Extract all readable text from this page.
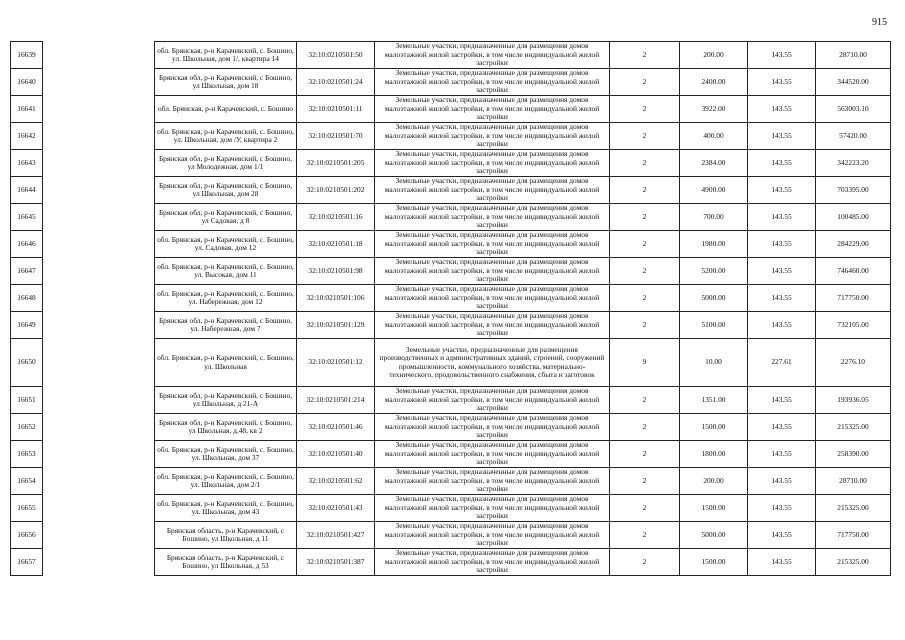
915
16639		обл. Брянская, р-н Карачевский, с. Бошино, ул. Школьная, дом 1/, квартира 14	32:10:0210501:50	Земельные участки, предназначенные для размещения домов малоэтажной жилой застройки, в том числе индивидуальной жилой застройки	2	200.00	143.55	28710.00
16640		Брянская обл, р-н Карачевский, с Бошино, ул Школьная, дом 18	32:10:0210501:24	Земельные участки, предназначенные для размещения домов малоэтажной жилой застройки, в том числе индивидуальной жилой застройки	2	2400.00	143.55	344520.00
16641		обл. Брянская, р-н Карачевский, с. Бошино	32:10:0210501:11	Земельные участки, предназначенные для размещения домов малоэтажной жилой застройки, в том числе индивидуальной жилой застройки	2	3922.00	143.55	563003.10
16642		обл. Брянская, р-н Карачевский, с. Бошино, ул. Школьная, дом /У, квартира 2	32:10:0210501:70	Земельные участки, предназначенные для размещения домов малоэтажной жилой застройки, в том числе индивидуальной жилой застройки	2	400.00	143.55	57420.00
16643		Брянская обл, р-н Карачевский, с Бошино, ул Молодежная, дом 1/1	32:10:0210501:205	Земельные участки, предназначенные для размещения домов малоэтажной жилой застройки, в том числе индивидуальной жилой застройки	2	2384.00	143.55	342223.20
16644		Брянская обл, р-н Карачевский, с Бошино, ул Школьная, дом 28	32:10:0210501:202	Земельные участки, предназначенные для размещения домов малоэтажной жилой застройки, в том числе индивидуальной жилой застройки	2	4900.00	143.55	703395.00
16645		Брянская обл, р-н Карачевский, с Бошино, ул Садовая, д 8	32:10:0210501:16	Земельные участки, предназначенные для размещения домов малоэтажной жилой застройки, в том числе индивидуальной жилой застройки	2	700.00	143.55	100485.00
16646		обл. Брянская, р-н Карачевский, с. Бошино, ул. Садовая, дом 12	32:10:0210501:18	Земельные участки, предназначенные для размещения домов малоэтажной жилой застройки, в том числе индивидуальной жилой застройки	2	1980.00	143.55	284229.00
16647		обл. Брянская, р-н Карачевский, с. Бошино, ул. Высокая, дом 11	32:10:0210501:98	Земельные участки, предназначенные для размещения домов малоэтажной жилой застройки, в том числе индивидуальной жилой застройки	2	5200.00	143.55	746460.00
16648		обл. Брянская, р-н Карачевский, с. Бошино, ул. Набережная, дом 12	32:10:0210501:106	Земельные участки, предназначенные для размещения домов малоэтажной жилой застройки, в том числе индивидуальной жилой застройки	2	5000.00	143.55	717750.00
16649		Брянская обл, р-н Карачевский, с Бошино, ул. Набережная, дом 7	32:10:0210501:129	Земельные участки, предназначенные для размещения домов малоэтажной жилой застройки, в том числе индивидуальной жилой застройки	2	5100.00	143.55	732105.00
16650		обл. Брянская, р-н Карачевский, с. Бошино, ул. Школьная	32:10:0210501:12	Земельные участки, предназначенные для размещения производственных и административных зданий, строений, сооружений промышленности, коммунального хозяйства, материально-технического, продовольственного снабжения, сбыта и заготовок	9	10.00	227.61	2276.10
16651		Брянская обл, р-н Карачевский, с Бошино, ул Школьная, д 21-А	32:10:0210501:214	Земельные участки, предназначенные для размещения домов малоэтажной жилой застройки, в том числе индивидуальной жилой застройки	2	1351.00	143.55	193936.05
16652		Брянская обл, р-н Карачевский, с Бошино, ул Школьная, д.48, кв 2	32:10:0210501:46	Земельные участки, предназначенные для размещения домов малоэтажной жилой застройки, в том числе индивидуальной жилой застройки	2	1500.00	143.55	215325.00
16653		обл. Брянская, р-н Карачевский, с. Бошино, ул. Школьная, дом 37	32:10:0210501:40	Земельные участки, предназначенные для размещения домов малоэтажной жилой застройки, в том числе индивидуальной жилой застройки	2	1800.00	143.55	258390.00
16654		обл. Брянская, р-н Карачевский, с. Бошино, ул. Школьная, дом 2/1	32:10:0210501:62	Земельные участки, предназначенные для размещения домов малоэтажной жилой застройки, в том числе индивидуальной жилой застройки	2	200.00	143.55	28710.00
16655		обл. Брянская, р-н Карачевский, с. Бошино, ул. Школьная, дом 43	32:10:0210501:43	Земельные участки, предназначенные для размещения домов малоэтажной жилой застройки, в том числе индивидуальной жилой застройки	2	1500.00	143.55	215325.00
16656		Брянская область, р-н Карачевский, с Бошино, ул Школьная, д 11	32:10:0210501:427	Земельные участки, предназначенные для размещения домов малоэтажной жилой застройки, в том числе индивидуальной жилой застройки	2	5000.00	143.55	717750.00
16657		Брянская область, р-н Карачевский, с Бошино, ул Школьная, д 53	32:10:0210501:387	Земельные участки, предназначенные для размещения домов малоэтажной жилой застройки, в том числе индивидуальной жилой застройки	2	1500.00	143.55	215325.00
